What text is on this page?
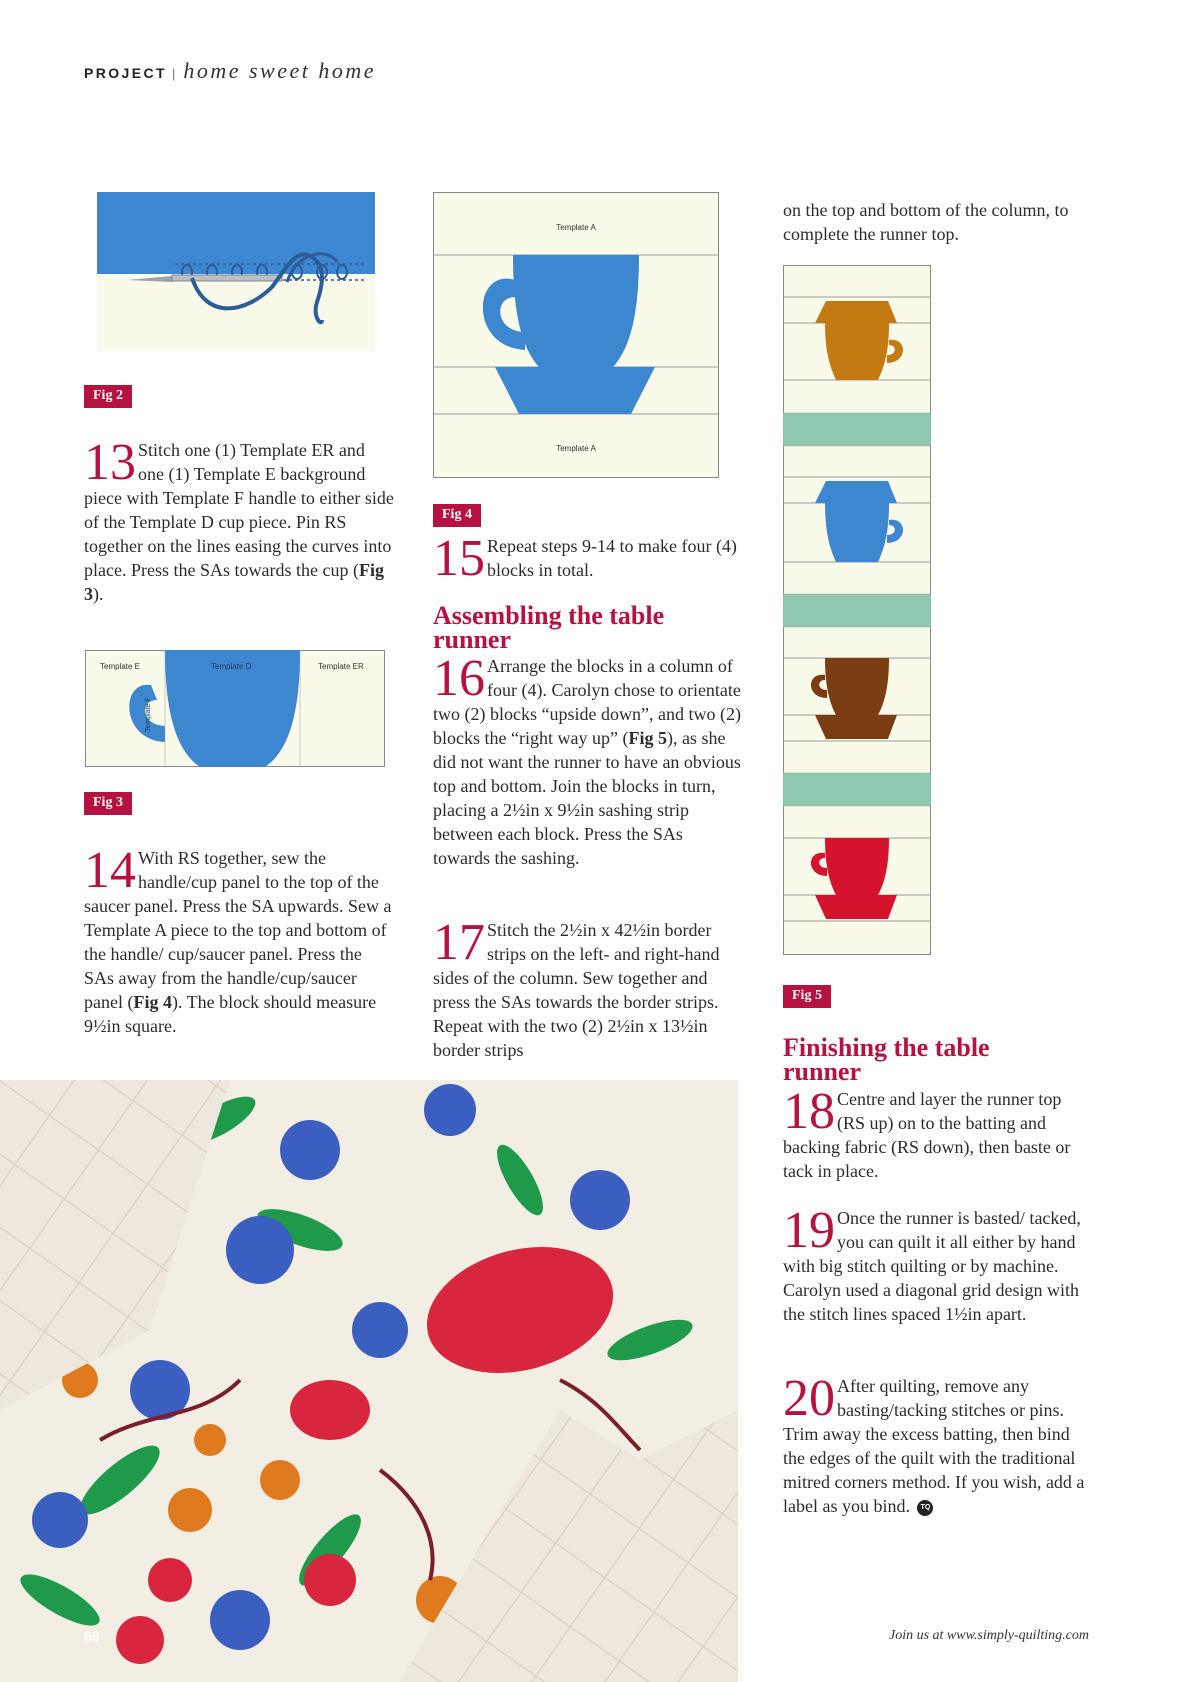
PROJECT | home sweet home
Fig 2
13 Stitch one (1) Template ER and one (1) Template E background piece with Template F handle to either side of the Template D cup piece. Pin RS together on the lines easing the curves into place. Press the SAs towards the cup (Fig 3).
Template E	Template D	Template ER
Template F
Fig 3
14 With RS together, sew the handle/cup panel to the top of the saucer panel. Press the SA upwards. Sew a Template A piece to the top and bottom of the handle/ cup/saucer panel. Press the SAs away from the handle/cup/saucer panel (Fig 4). The block should measure 9½in square.
Template A
Template A
Fig 4
15 Repeat steps 9-14 to make four (4) blocks in total.
Assembling the table
runner
16 Arrange the blocks in a column of four (4). Carolyn chose to orientate two (2) blocks “upside down”, and two (2) blocks the “right way up” (Fig 5), as she did not want the runner to have an obvious top and bottom. Join the blocks in turn, placing a 2½in x 9½in sashing strip between each block. Press the SAs towards the sashing.
17 Stitch the 2½in x 42½in border strips on the left- and right-hand sides of the column. Sew together and press the SAs towards the border strips. Repeat with the two (2) 2½in x 13½in border strips
on the top and bottom of the column, to complete the runner top.
Fig 5
Finishing the table
runner
18 Centre and layer the runner top (RS up) on to the batting and backing fabric (RS down), then baste or tack in place.
19 Once the runner is basted/ tacked, you can quilt it all either by hand with big stitch quilting or by machine. Carolyn used a diagonal grid design with the stitch lines spaced 1½in apart.
20 After quilting, remove any basting/tacking stitches or pins. Trim away the excess batting, then bind the edges of the quilt with the traditional mitred corners method. If you wish, add a label as you bind. TQ
68	Join us at www.simply-quilting.com
